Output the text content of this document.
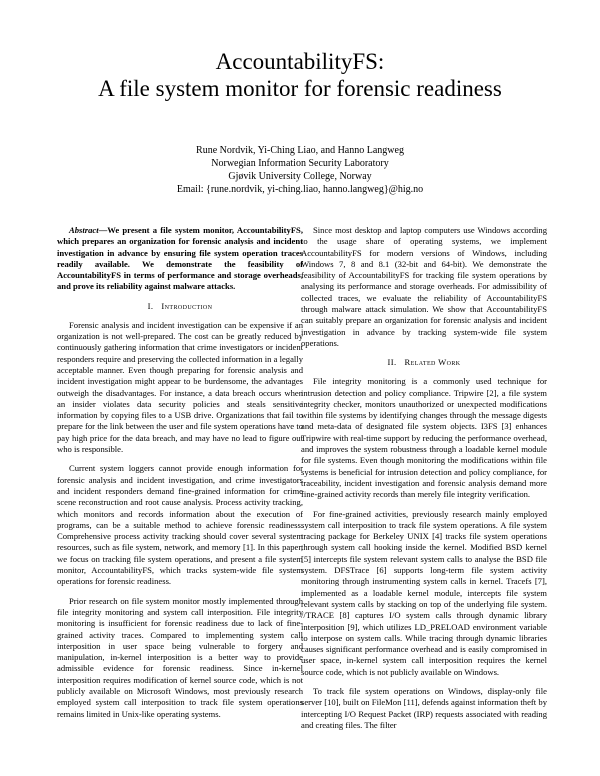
AccountabilityFS:
A file system monitor for forensic readiness
Rune Nordvik, Yi-Ching Liao, and Hanno Langweg
Norwegian Information Security Laboratory
Gjøvik University College, Norway
Email: {rune.nordvik, yi-ching.liao, hanno.langweg}@hig.no

Abstract—We present a file system monitor, AccountabilityFS, which prepares an organization for forensic analysis and incident investigation in advance by ensuring file system operation traces readily available. We demonstrate the feasibility of AccountabilityFS in terms of performance and storage overheads, and prove its reliability against malware attacks.

I. Introduction

Forensic analysis and incident investigation can be expensive if an organization is not well-prepared. The cost can be greatly reduced by continuously gathering information that crime investigators or incident responders require and preserving the collected information in a legally acceptable manner. Even though preparing for forensic analysis and incident investigation might appear to be burdensome, the advantages outweigh the disadvantages. For instance, a data breach occurs when an insider violates data security policies and steals sensitive information by copying files to a USB drive. Organizations that fail to prepare for the link between the user and file system operations have to pay high price for the data breach, and may have no lead to figure out who is responsible.

Current system loggers cannot provide enough information for forensic analysis and incident investigation, and crime investigators and incident responders demand fine-grained information for crime scene reconstruction and root cause analysis. Process activity tracking, which monitors and records information about the execution of programs, can be a suitable method to achieve forensic readiness. Comprehensive process activity tracking should cover several system resources, such as file system, network, and memory [1]. In this paper, we focus on tracking file system operations, and present a file system monitor, AccountabilityFS, which tracks system-wide file system operations for forensic readiness.

Prior research on file system monitor mostly implemented through file integrity monitoring and system call interposition. File integrity monitoring is insufficient for forensic readiness due to lack of fine-grained activity traces. Compared to implementing system call interposition in user space being vulnerable to forgery and manipulation, in-kernel interposition is a better way to provide admissible evidence for forensic readiness. Since in-kernel interposition requires modification of kernel source code, which is not publicly available on Microsoft Windows, most previously research employed system call interposition to track file system operations remains limited in Unix-like operating systems.

Since most desktop and laptop computers use Windows according to the usage share of operating systems, we implement AccountabilityFS for modern versions of Windows, including Windows 7, 8 and 8.1 (32-bit and 64-bit). We demonstrate the feasibility of AccountabilityFS for tracking file system operations by analysing its performance and storage overheads. For admissibility of collected traces, we evaluate the reliability of AccountabilityFS through malware attack simulation. We show that AccountabilityFS can suitably prepare an organization for forensic analysis and incident investigation in advance by tracking system-wide file system operations.

II. Related Work

File integrity monitoring is a commonly used technique for intrusion detection and policy compliance. Tripwire [2], a file system integrity checker, monitors unauthorized or unexpected modifications within file systems by identifying changes through the message digests and meta-data of designated file system objects. I3FS [3] enhances Tripwire with real-time support by reducing the performance overhead, and improves the system robustness through a loadable kernel module for file systems. Even though monitoring the modifications within file systems is beneficial for intrusion detection and policy compliance, for traceability, incident investigation and forensic analysis demand more fine-grained activity records than merely file integrity verification.

For fine-grained activities, previously research mainly employed system call interposition to track file system operations. A file system tracing package for Berkeley UNIX [4] tracks file system operations through system call hooking inside the kernel. Modified BSD kernel [5] intercepts file system relevant system calls to analyse the BSD file system. DFSTrace [6] supports long-term file system activity monitoring through instrumenting system calls in kernel. Tracefs [7], implemented as a loadable kernel module, intercepts file system relevant system calls by stacking on top of the underlying file system. //TRACE [8] captures I/O system calls through dynamic library interposition [9], which utilizes LD_PRELOAD environment variable to interpose on system calls. While tracing through dynamic libraries causes significant performance overhead and is easily compromised in user space, in-kernel system call interposition requires the kernel source code, which is not publicly available on Windows.

To track file system operations on Windows, display-only file server [10], built on FileMon [11], defends against information theft by intercepting I/O Request Packet (IRP) requests associated with reading and creating files. The filter
